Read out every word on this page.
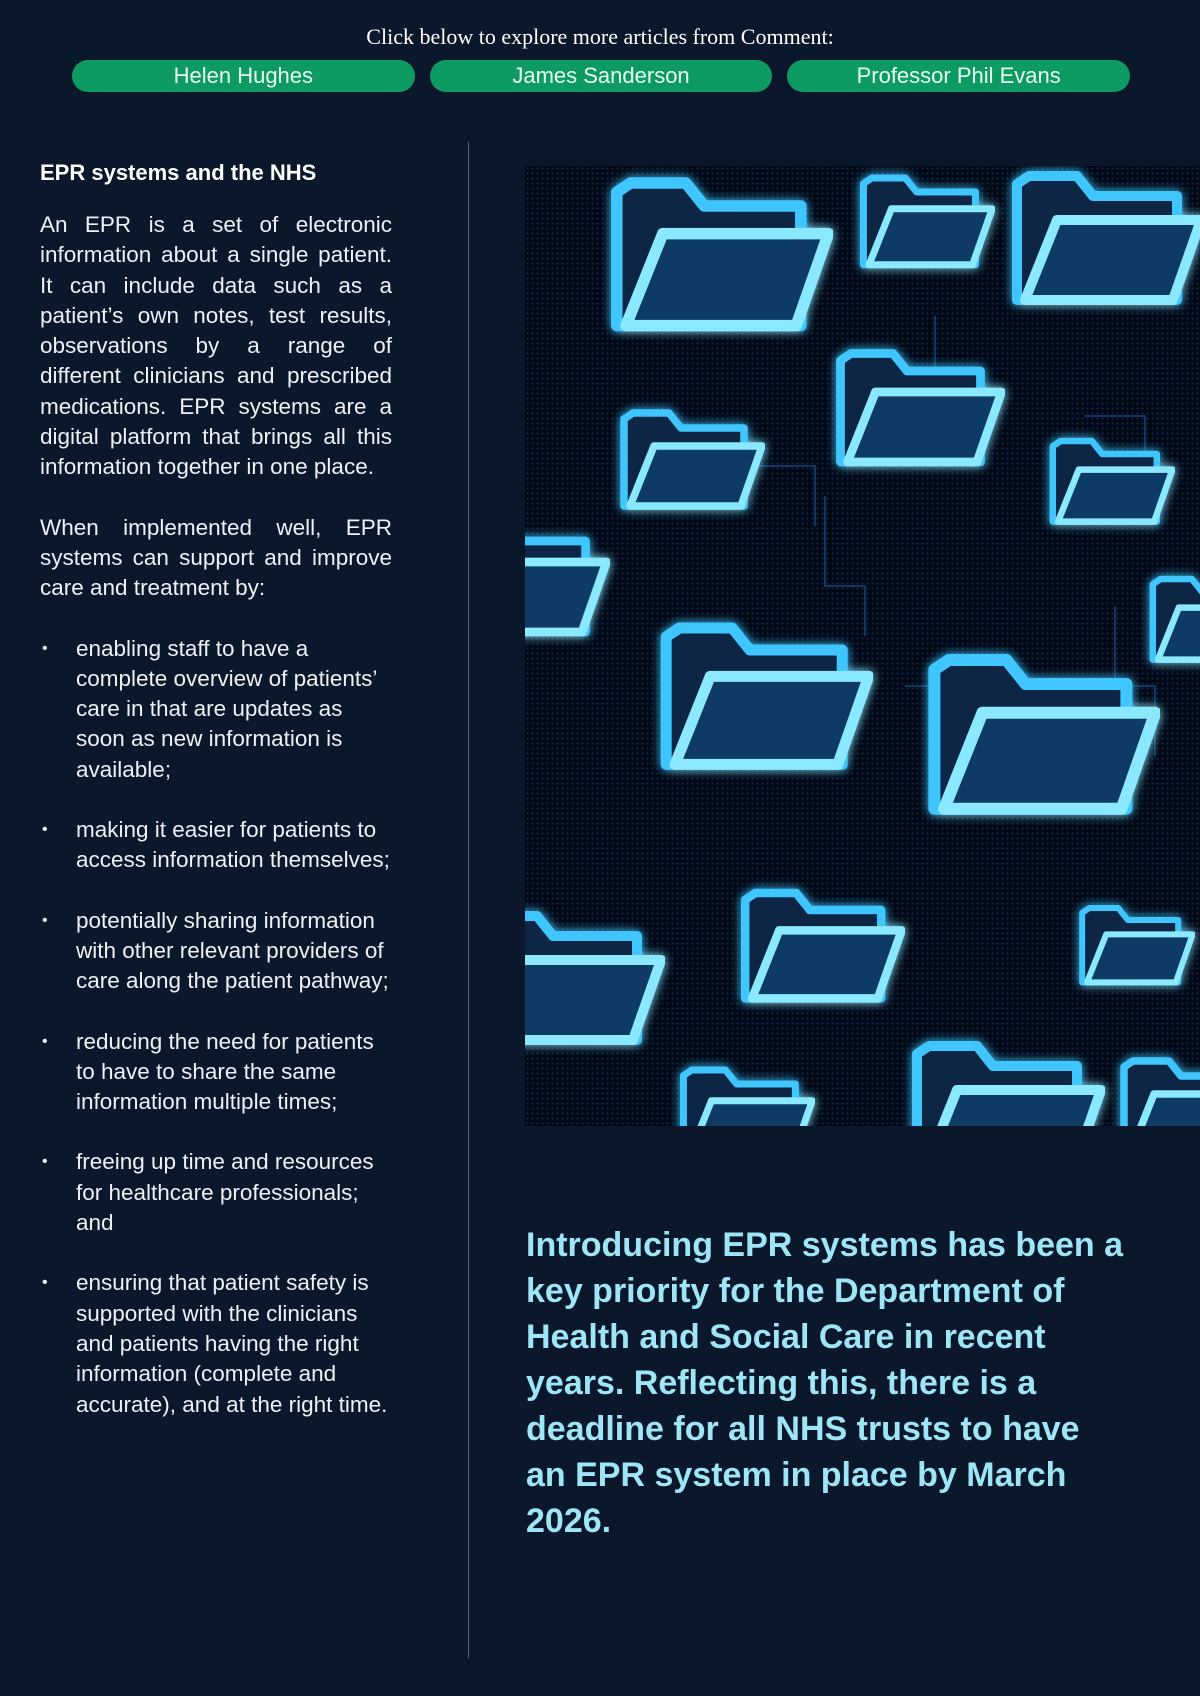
Click below to explore more articles from Comment:
Helen Hughes	James Sanderson	Professor Phil Evans
EPR systems and the NHS

An EPR is a set of electronic information about a single patient. It can include data such as a patient’s own notes, test results, observations by a range of different clinicians and prescribed medications. EPR systems are a digital platform that brings all this information together in one place.

When implemented well, EPR systems can support and improve care and treatment by:

• enabling staff to have a complete overview of patients’ care in that are updates as soon as new information is available;
• making it easier for patients to access information themselves;
• potentially sharing information with other relevant providers of care along the patient pathway;
• reducing the need for patients to have to share the same information multiple times;
• freeing up time and resources for healthcare professionals; and
• ensuring that patient safety is supported with the clinicians and patients having the right information (complete and accurate), and at the right time.

Introducing EPR systems has been a key priority for the Department of Health and Social Care in recent years. Reflecting this, there is a deadline for all NHS trusts to have an EPR system in place by March 2026.
